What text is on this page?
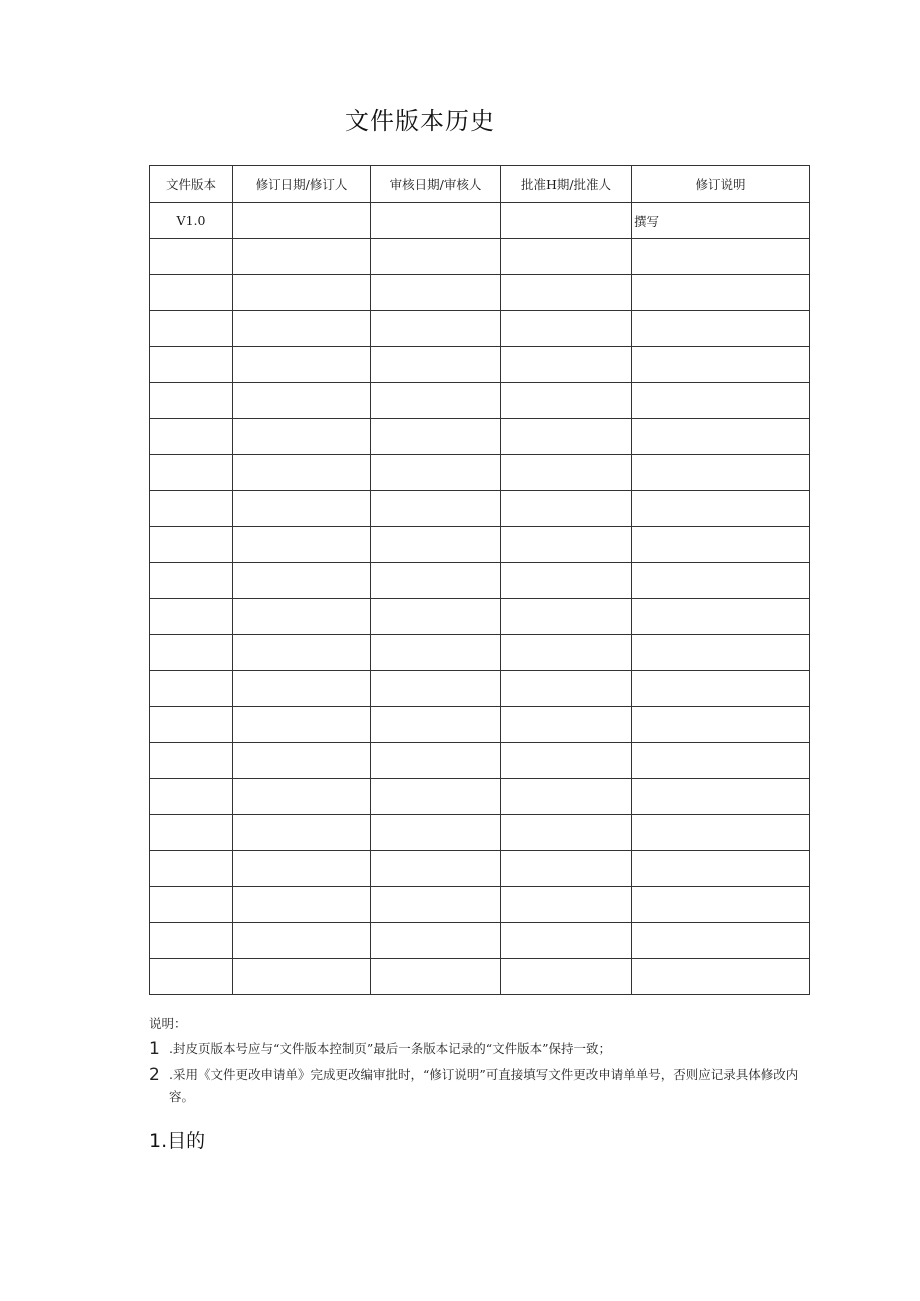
文件版本历史
文件版本	修订日期/修订人	审核日期/审核人	批准H期/批准人	修订说明
V1.0				撰写

说明：
1 .封皮页版本号应与“文件版本控制页”最后一条版本记录的“文件版本”保持一致；
2 .采用《文件更改申请单》完成更改编审批时，“修订说明”可直接填写文件更改申请单单号，否则应记录具体修改内容。
1.目的
